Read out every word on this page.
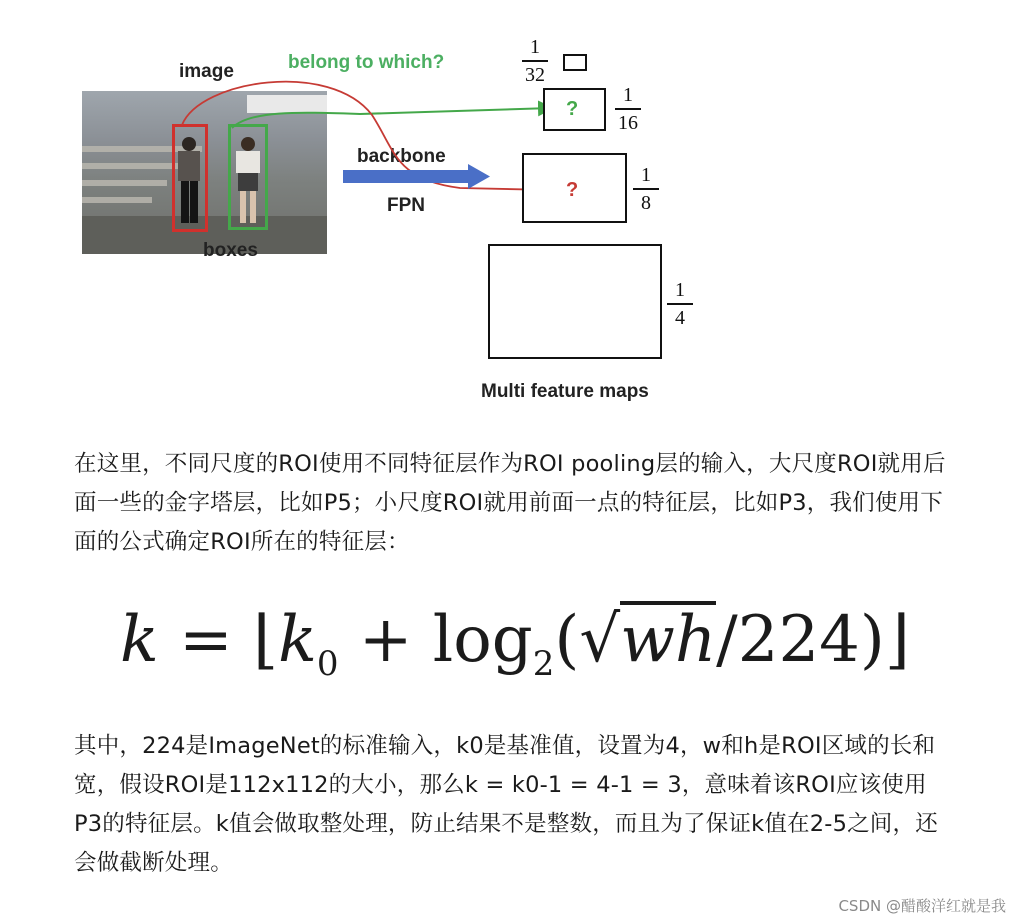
image	belong to which?
boxes
backbone
FPN
?
?
1
32
1
16
1
8
1
4
Multi feature maps

在这里，不同尺度的ROI使用不同特征层作为ROI pooling层的输入，大尺度ROI就用后面一些的金字塔层，比如P5；小尺度ROI就用前面一点的特征层，比如P3，我们使用下面的公式确定ROI所在的特征层：

$k = ⌊k_0$ + $\log_2(√wh/224)⌋$

其中，224是ImageNet的标准输入，k0是基准值，设置为4，w和h是ROI区域的长和宽，假设ROI是112x112的大小，那么k = k0-1 = 4-1 = 3，意味着该ROI应该使用P3的特征层。k值会做取整处理，防止结果不是整数，而且为了保证k值在2-5之间，还会做截断处理。

CSDN @醋酸洋红就是我
